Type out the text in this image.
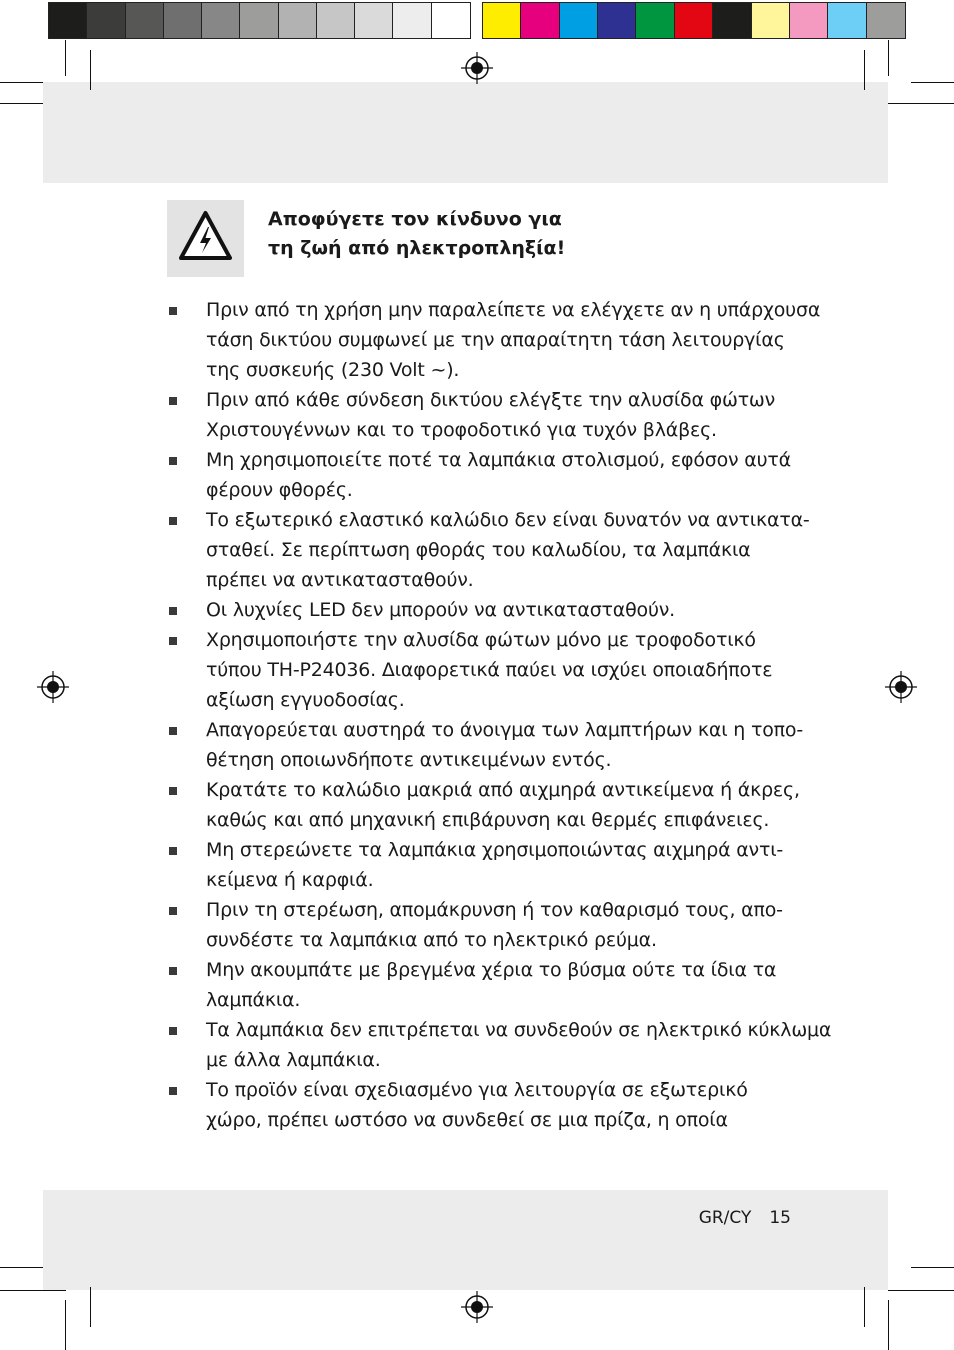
Αποφύγετε τον κίνδυνο για
τη ζωή από ηλεκτροπληξία!
Πριν από τη χρήση μην παραλείπετε να ελέγχετε αν η υπάρχουσα
τάση δικτύου συμφωνεί με την απαραίτητη τάση λειτουργίας
της συσκευής (230 Volt ~).
Πριν από κάθε σύνδεση δικτύου ελέγξτε την αλυσίδα φώτων
Χριστουγέννων και το τροφοδοτικό για τυχόν βλάβες.
Μη χρησιμοποιείτε ποτέ τα λαμπάκια στολισμού, εφόσον αυτά
φέρουν φθορές.
Το εξωτερικό ελαστικό καλώδιο δεν είναι δυνατόν να αντικατα-
σταθεί. Σε περίπτωση φθοράς του καλωδίου, τα λαμπάκια
πρέπει να αντικατασταθούν.
Οι λυχνίες LED δεν μπορούν να αντικατασταθούν.
Χρησιμοποιήστε την αλυσίδα φώτων μόνο με τροφοδοτικό
τύπου TH-P24036. Διαφορετικά παύει να ισχύει οποιαδήποτε
αξίωση εγγυοδοσίας.
Απαγορεύεται αυστηρά το άνοιγμα των λαμπτήρων και η τοπο-
θέτηση οποιωνδήποτε αντικειμένων εντός.
Κρατάτε το καλώδιο μακριά από αιχμηρά αντικείμενα ή άκρες,
καθώς και από μηχανική επιβάρυνση και θερμές επιφάνειες.
Μη στερεώνετε τα λαμπάκια χρησιμοποιώντας αιχμηρά αντι-
κείμενα ή καρφιά.
Πριν τη στερέωση, απομάκρυνση ή τον καθαρισμό τους, απο-
συνδέστε τα λαμπάκια από το ηλεκτρικό ρεύμα.
Μην ακουμπάτε με βρεγμένα χέρια το βύσμα ούτε τα ίδια τα
λαμπάκια.
Τα λαμπάκια δεν επιτρέπεται να συνδεθούν σε ηλεκτρικό κύκλωμα
με άλλα λαμπάκια.
Το προϊόν είναι σχεδιασμένο για λειτουργία σε εξωτερικό
χώρο, πρέπει ωστόσο να συνδεθεί σε μια πρίζα, η οποία
GR/CY 15
